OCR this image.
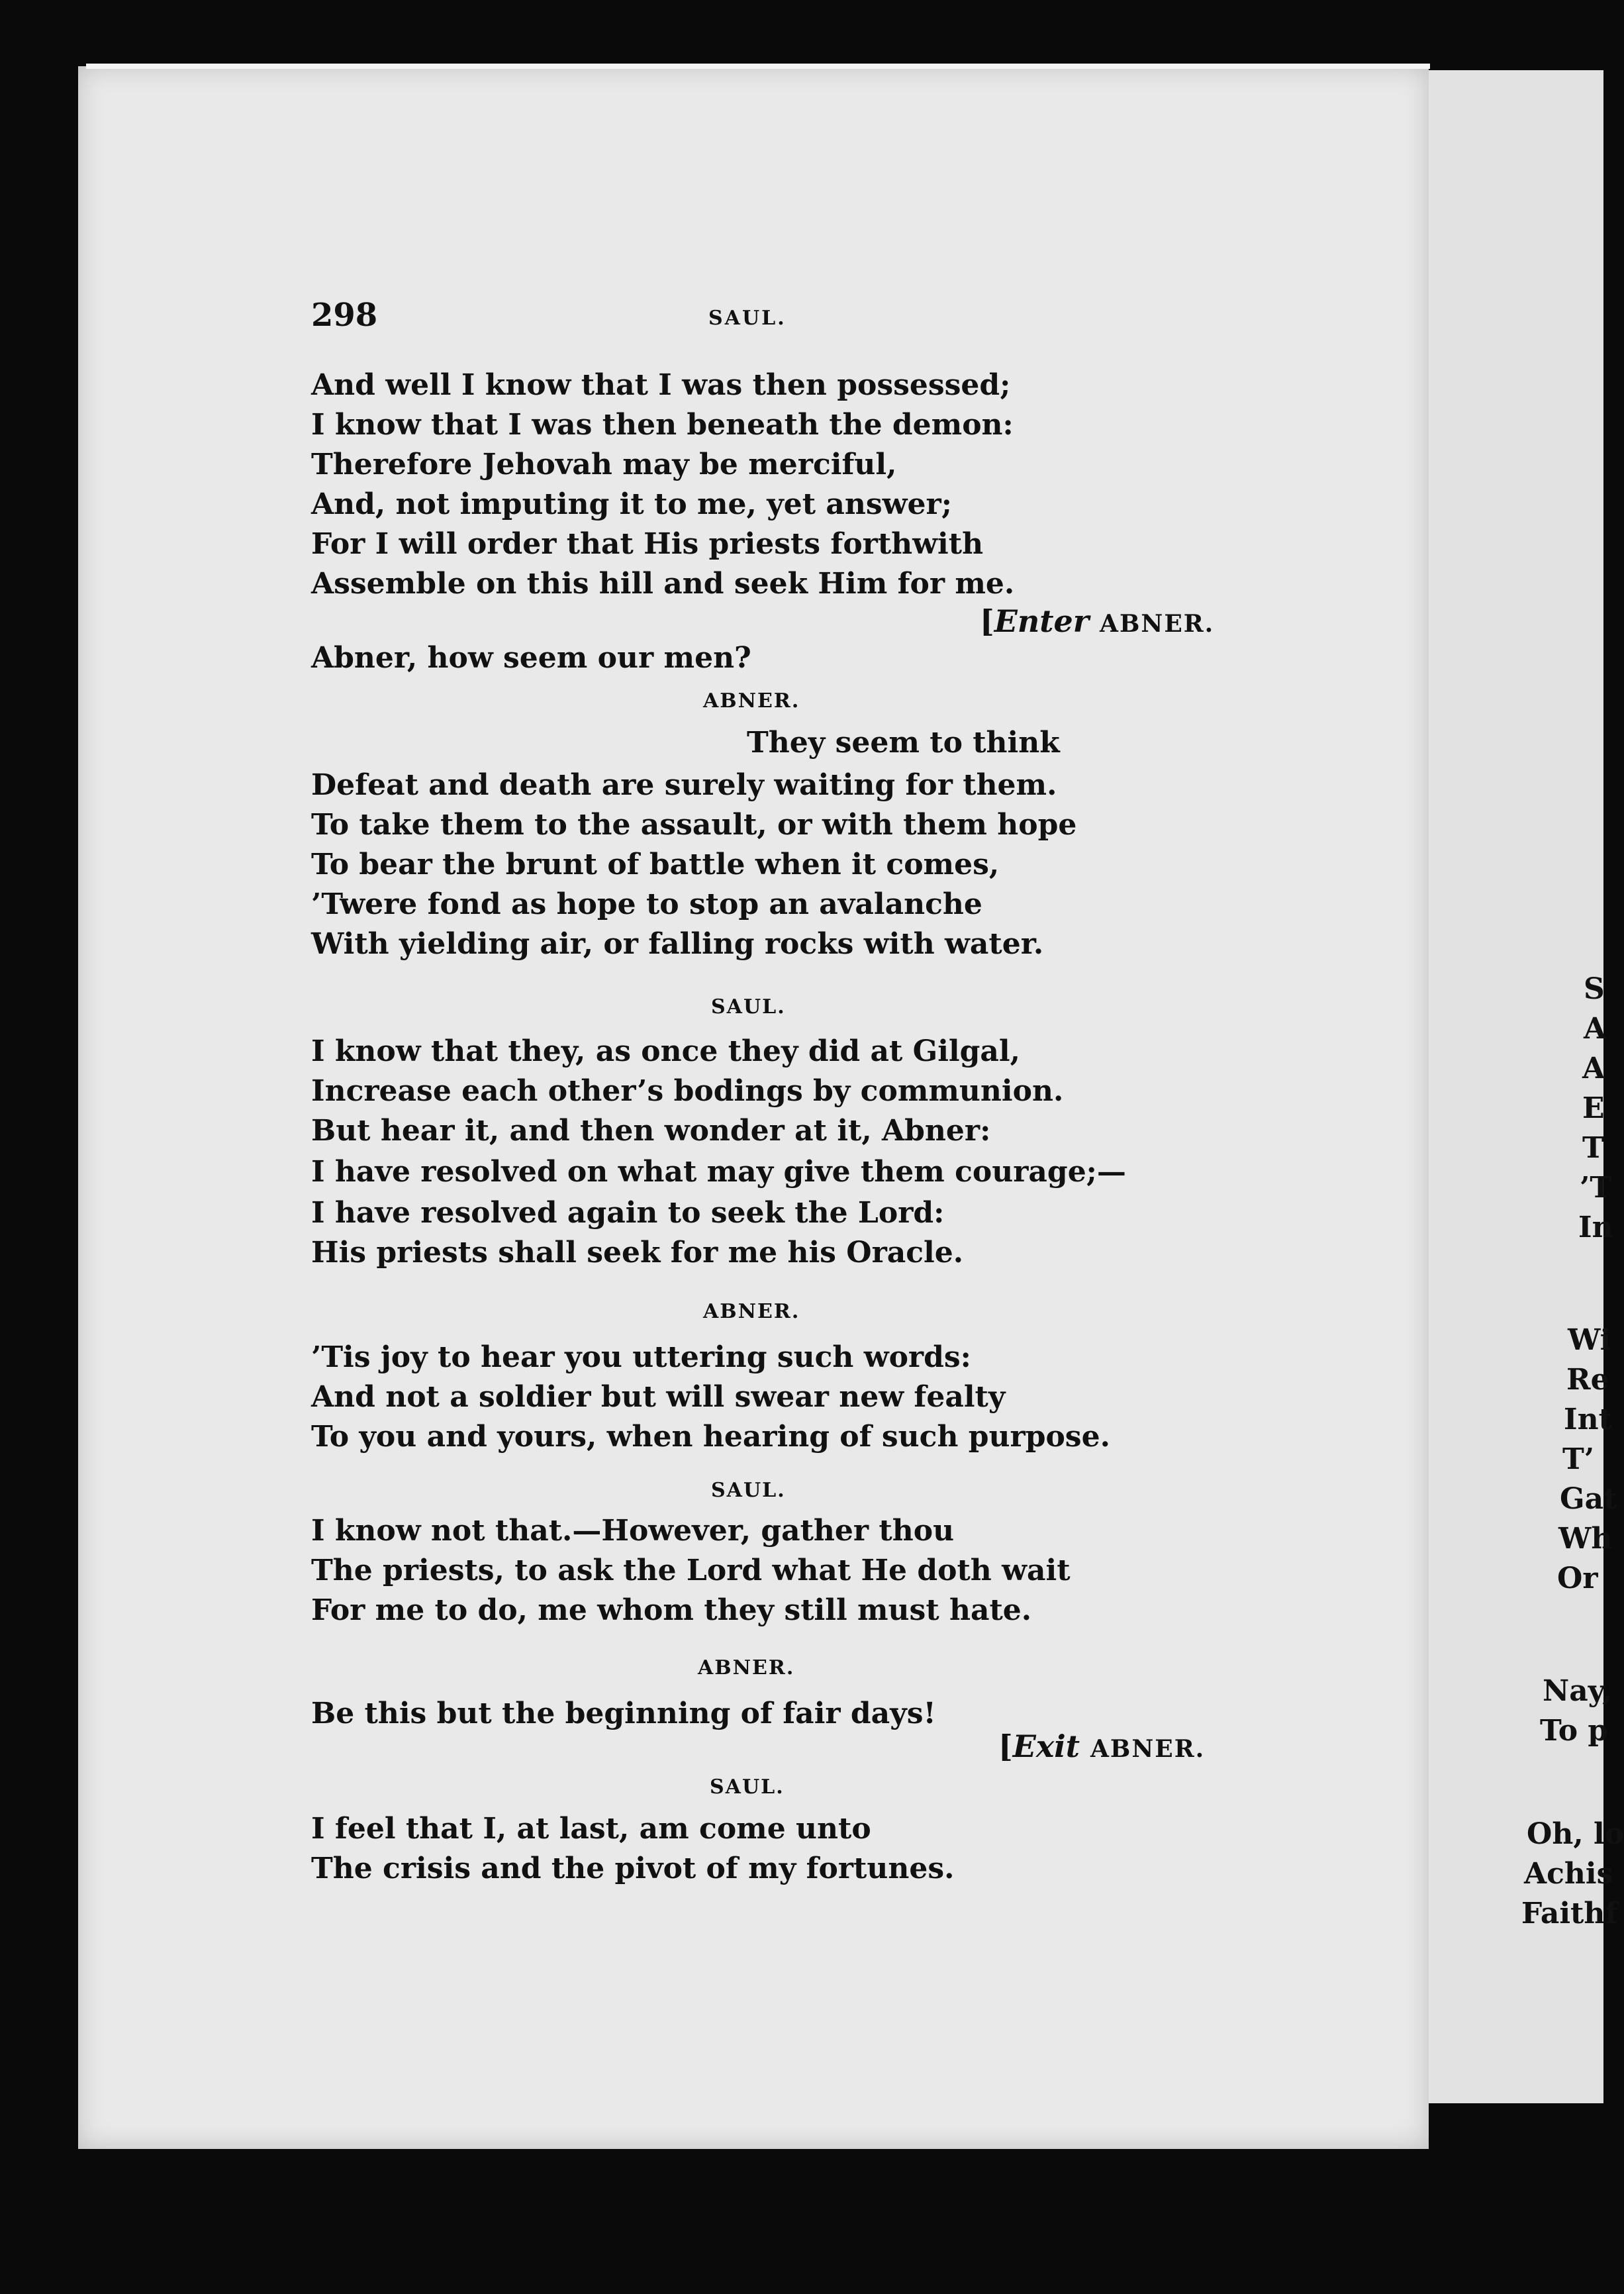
298	SAUL.

And well I know that I was then possessed;

I know that I was then beneath the demon:

Therefore Jehovah may be merciful,

And, not imputing it to me, yet answer;

For I will order that His priests forthwith

Assemble on this hill and seek Him for me.

[Enter ABNER.

Abner, how seem our men?

ABNER.

They seem to think

Defeat and death are surely waiting for them.

To take them to the assault, or with them hope

To bear the brunt of battle when it comes,

’Twere fond as hope to stop an avalanche

With yielding air, or falling rocks with water.

SAUL.

I know that they, as once they did at Gilgal,

Increase each other’s bodings by communion.

But hear it, and then wonder at it, Abner:

I have resolved on what may give them courage;—

I have resolved again to seek the Lord:

His priests shall seek for me his Oracle.

ABNER.

’Tis joy to hear you uttering such words:

And not a soldier but will swear new fealty

To you and yours, when hearing of such purpose.

SAUL.

I know not that.—However, gather thou

The priests, to ask the Lord what He doth wait

For me to do, me whom they still must hate.

ABNER.

Be this but the beginning of fair days!

[Exit ABNER.

SAUL.

I feel that I, at last, am come unto

The crisis and the pivot of my fortunes.

S
A
A
E
T
’T
In
Wi
Re
Int
T’
Gat
Wh
Or
Nay,
To p
Oh, lo
Achis
Faithf
